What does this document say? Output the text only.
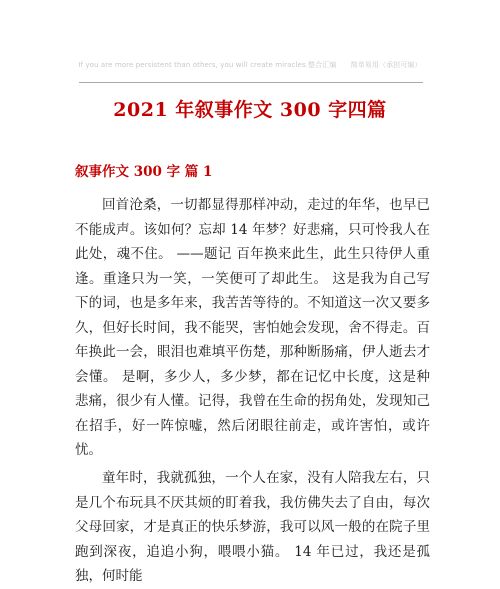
If you are more persistent than others, you will create miracles.整合汇编　　简单易用（承担可编）
2021 年叙事作文 300 字四篇
叙事作文 300 字 篇 1

回首沧桑，一切都显得那样冲动，走过的年华，也早已不能成声。该如何？忘却 14 年梦？好悲痛，只可怜我人在此处，魂不住。 ——题记 百年换来此生，此生只待伊人重逢。重逢只为一笑，一笑便可了却此生。 这是我为自己写下的词，也是多年来，我苦苦等待的。不知道这一次又要多久，但好长时间，我不能哭，害怕她会发现，舍不得走。百年换此一会，眼泪也难填平伤楚，那种断肠痛，伊人逝去才会懂。 是啊，多少人，多少梦，都在记忆中长度，这是种悲痛，很少有人懂。记得，我曾在生命的拐角处，发现知己在招手，好一阵惊嘘，然后闭眼往前走，或许害怕，或许忧。

童年时，我就孤独，一个人在家，没有人陪我左右，只是几个布玩具不厌其烦的盯着我，我仿佛失去了自由，每次父母回家，才是真正的快乐梦游，我可以风一般的在院子里跑到深夜，追追小狗，喂喂小猫。 14 年已过，我还是孤独，何时能
